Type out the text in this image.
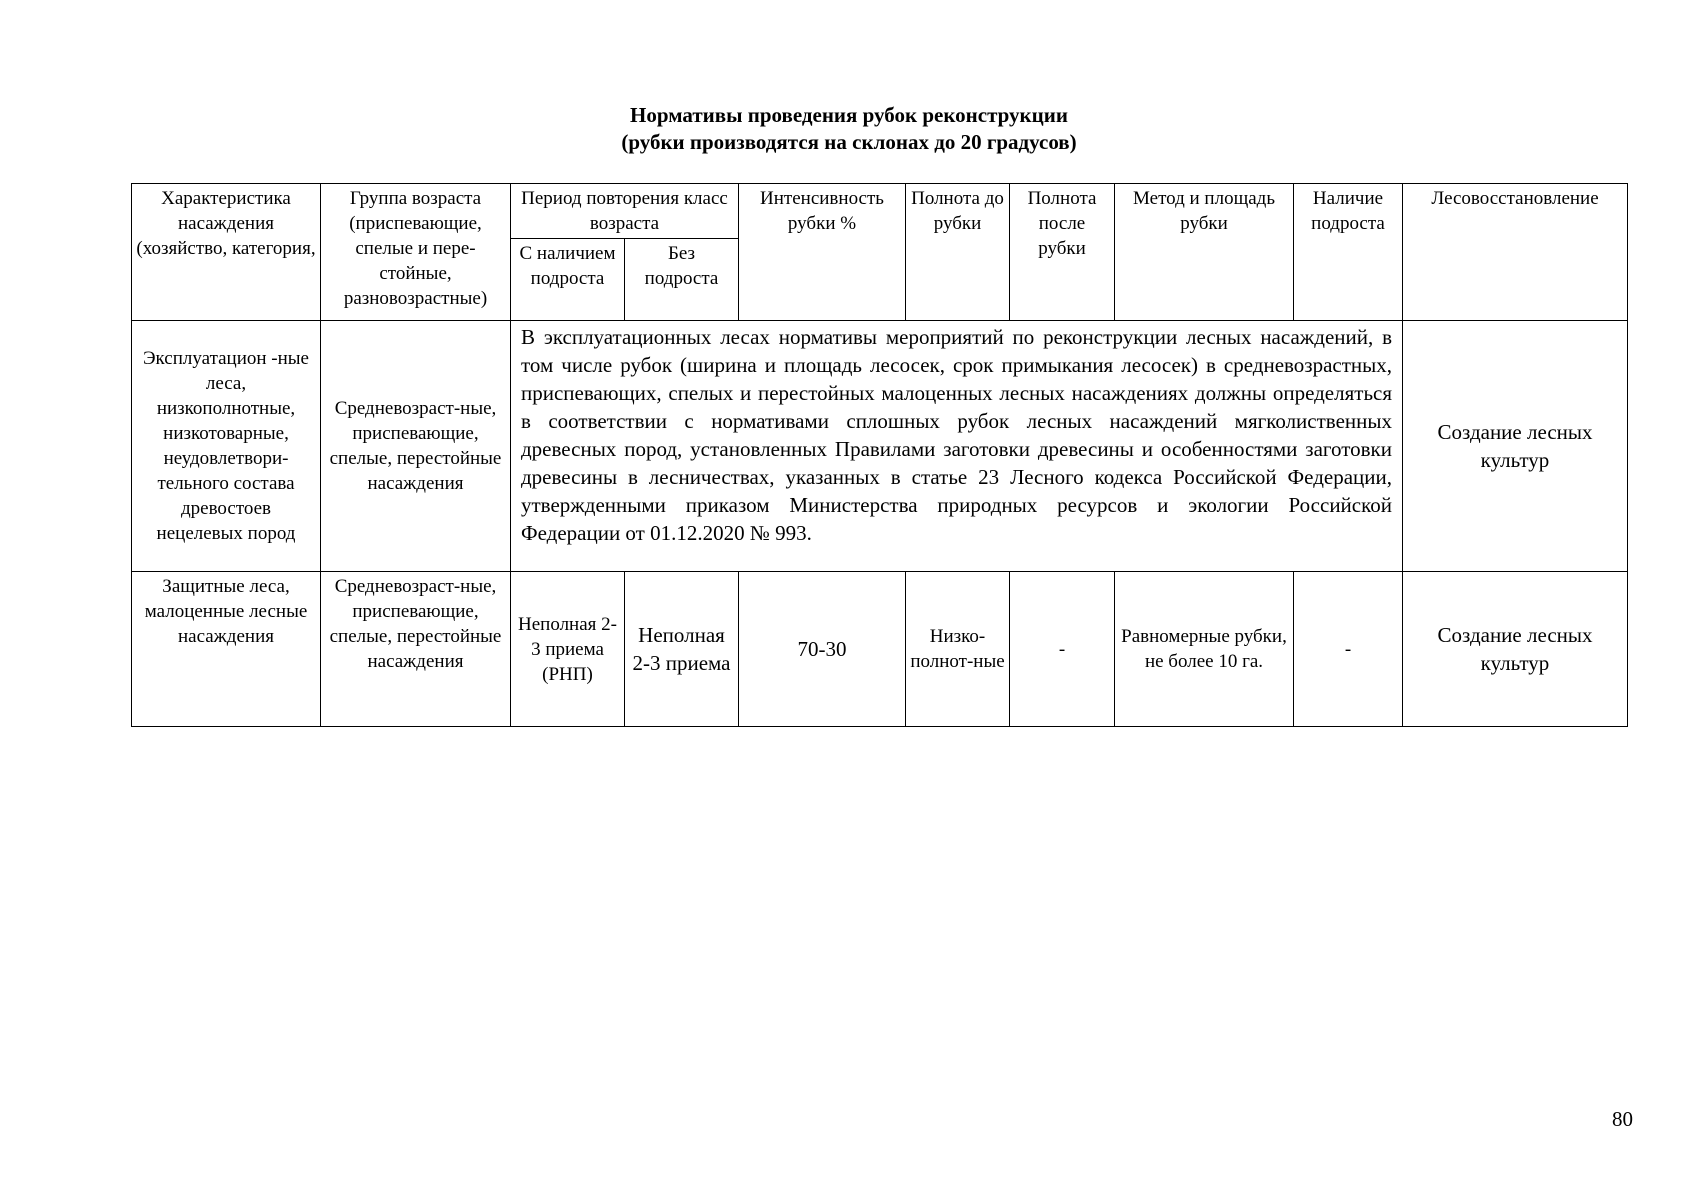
Нормативы проведения рубок реконструкции
(рубки производятся на склонах до 20 градусов)
Характеристика насаждения (хозяйство, категория,	Группа возраста (приспевающие, спелые и пере-стойные, разновозрастные)	Период повторения класс возраста		Интенсивность рубки %	Полнота до рубки	Полнота после рубки	Метод и площадь рубки	Наличие подроста	Лесовосстановление
		С наличием подроста	Без подроста						
Эксплуатацион -ные леса, низкополнотные, низкотоварные, неудовлетвори-тельного состава древостоев нецелевых пород	Средневозраст-ные, приспевающие, спелые, перестойные насаждения	В эксплуатационных лесах нормативы мероприятий по реконструкции лесных насаждений, в том числе рубок (ширина и площадь лесосек, срок примыкания лесосек) в средневозрастных, приспевающих, спелых и перестойных малоценных лесных насаждениях должны определяться в соответствии с нормативами сплошных рубок лесных насаждений мягколиственных древесных пород, установленных Правилами заготовки древесины и особенностями заготовки древесины в лесничествах, указанных в статье 23 Лесного кодекса Российской Федерации, утвержденными приказом Министерства природных ресурсов и экологии Российской Федерации от 01.12.2020 № 993.							Создание лесных культур
Защитные леса, малоценные лесные насаждения	Средневозраст-ные, приспевающие, спелые, перестойные насаждения	Неполная 2-3 приема (РНП)	Неполная 2-3 приема	70-30	Низко-полнот-ные	-	Равномерные рубки, не более 10 га.	-	Создание лесных культур
80
